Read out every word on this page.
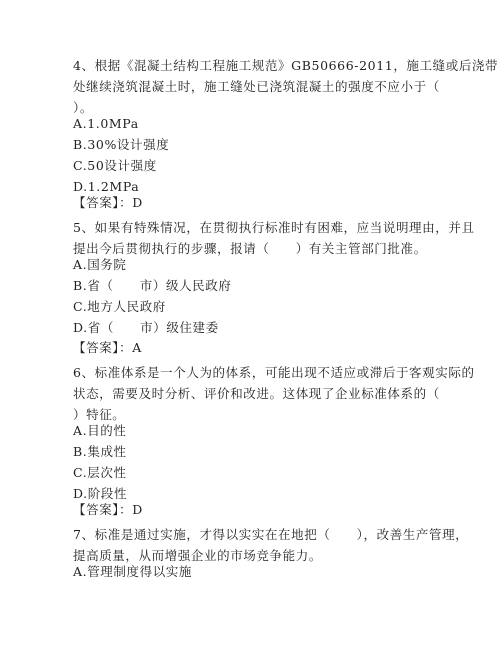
4、根据《混凝土结构工程施工规范》GB50666-2011，施工缝或后浇带
处继续浇筑混凝土时，施工缝处已浇筑混凝土的强度不应小于（
）。
A.1.0MPa
B.30%设计强度
C.50设计强度
D.1.2MPa
【答案】：D
5、如果有特殊情况，在贯彻执行标准时有困难，应当说明理由，并且
提出今后贯彻执行的步骤，报请（　　）有关主管部门批准。
A.国务院
B.省（　　市）级人民政府
C.地方人民政府
D.省（　　市）级住建委
【答案】：A
6、标准体系是一个人为的体系，可能出现不适应或滞后于客观实际的
状态，需要及时分析、评价和改进。这体现了企业标准体系的（
）特征。
A.目的性
B.集成性
C.层次性
D.阶段性
【答案】：D
7、标准是通过实施，才得以实实在在地把（　　），改善生产管理，
提高质量，从而增强企业的市场竞争能力。
A.管理制度得以实施
